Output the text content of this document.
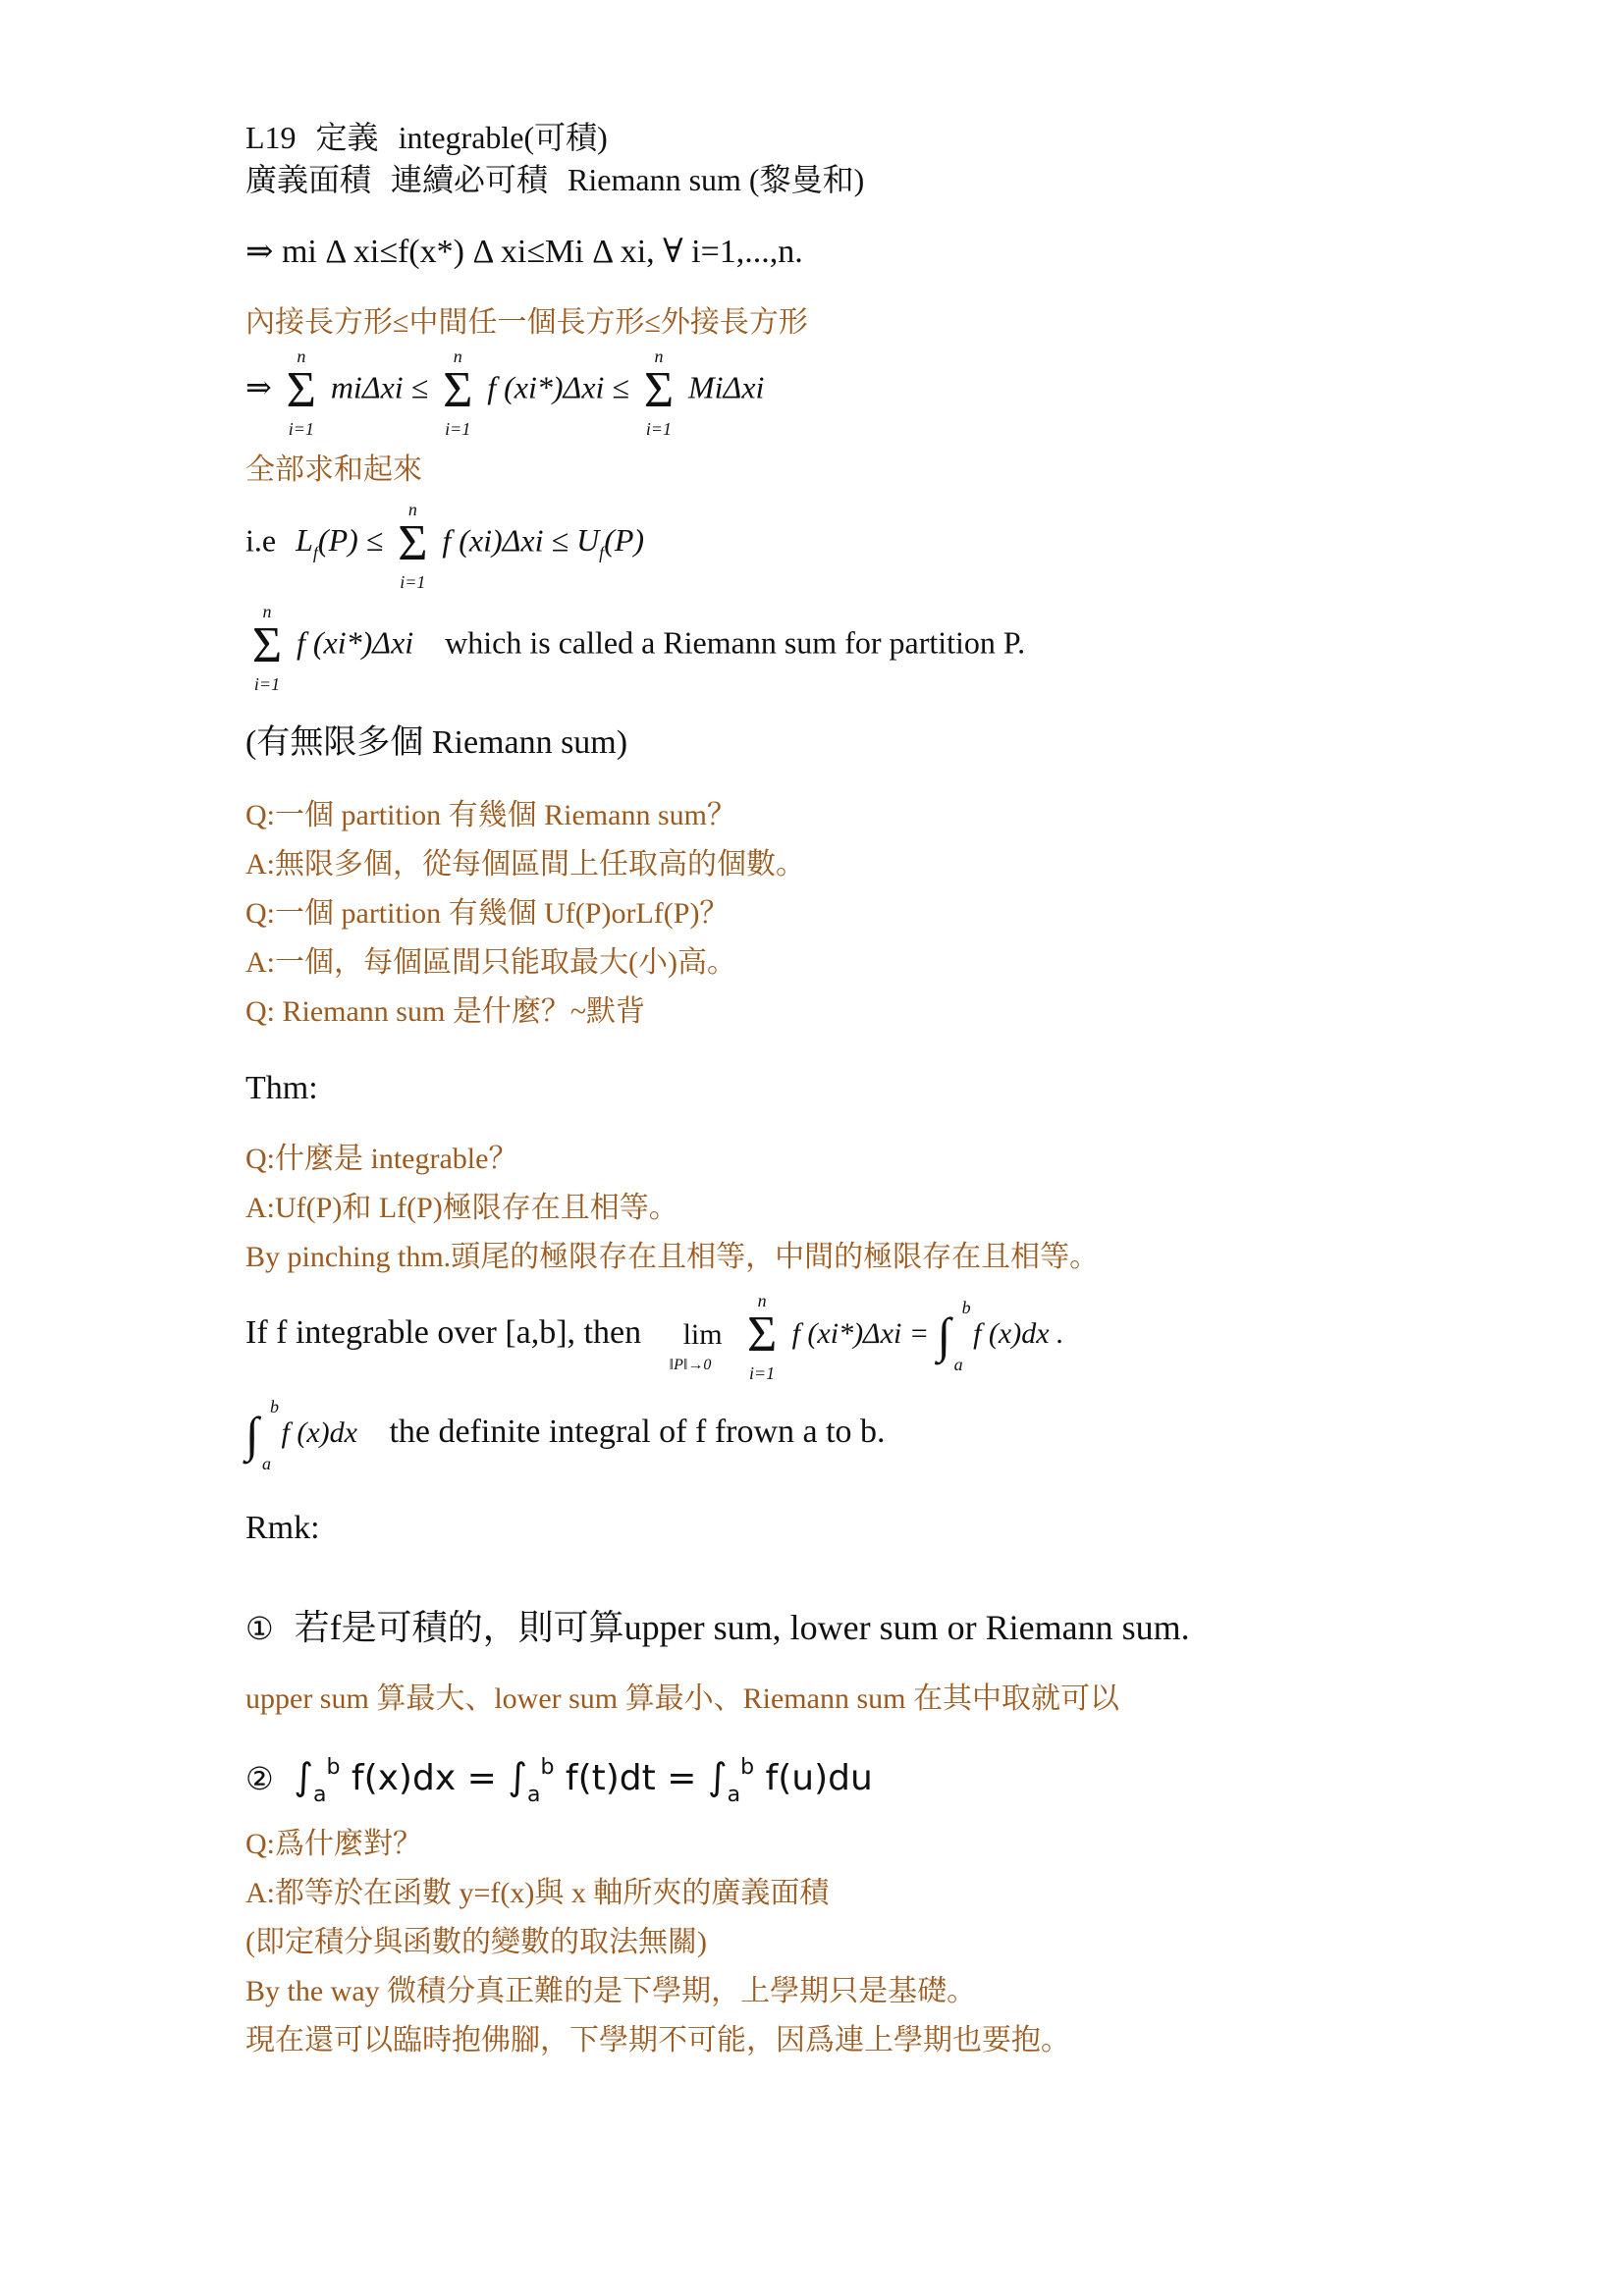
L19 定義 integrable(可積)
廣義面積 連續必可積 Riemann sum (黎曼和)
⇒ mi Δ xi≤f(x*) Δ xi≤Mi Δ xi, ∀ i=1,...,n.
內接長方形≤中間任一個長方形≤外接長方形
⇒
n
Σ
i=1
miΔxi ≤
n
Σ
i=1
f (xi*)Δxi ≤
n
Σ
i=1
MiΔxi
全部求和起來
i.e $L_f(P)$ ≤
n
Σ
i=1
f $(xi)\Delta xi \le U_f(P)$
n
Σ
i=1
f (xi*)Δxi which is called a Riemann sum for partition P.
(有無限多個 Riemann sum)
Q:一個 partition 有幾個 Riemann sum？
A:無限多個，從每個區間上任取高的個數。
Q:一個 partition 有幾個 Uf(P)orLf(P)？
A:一個，每個區間只能取最大(小)高。
Q: Riemann sum 是什麼？~默背
Thm:
Q:什麼是 integrable？
A:Uf(P)和 Lf(P)極限存在且相等。
By pinching thm.頭尾的極限存在且相等，中間的極限存在且相等。
If f integrable over [a,b], then	lim
‖P‖→0

n
Σ
i=1
f (xi*)Δxi =
b
∫
a
f (x)dx .
b
∫
a
f (x)dx the definite integral of f frown a to b.
Rmk:
① 若f是可積的，則可算upper sum, lower sum or Riemann sum.
upper sum 算最大、lower sum 算最小、Riemann sum 在其中取就可以
② $\int_a^b$ $f(x)dx = \int_a^b$ $f(t)dt = \int_a^b$ f(u)du
Q:爲什麼對？
A:都等於在函數 y=f(x)與 x 軸所夾的廣義面積
(即定積分與函數的變數的取法無關)
By the way 微積分真正難的是下學期，上學期只是基礎。
現在還可以臨時抱佛腳，下學期不可能，因爲連上學期也要抱。
